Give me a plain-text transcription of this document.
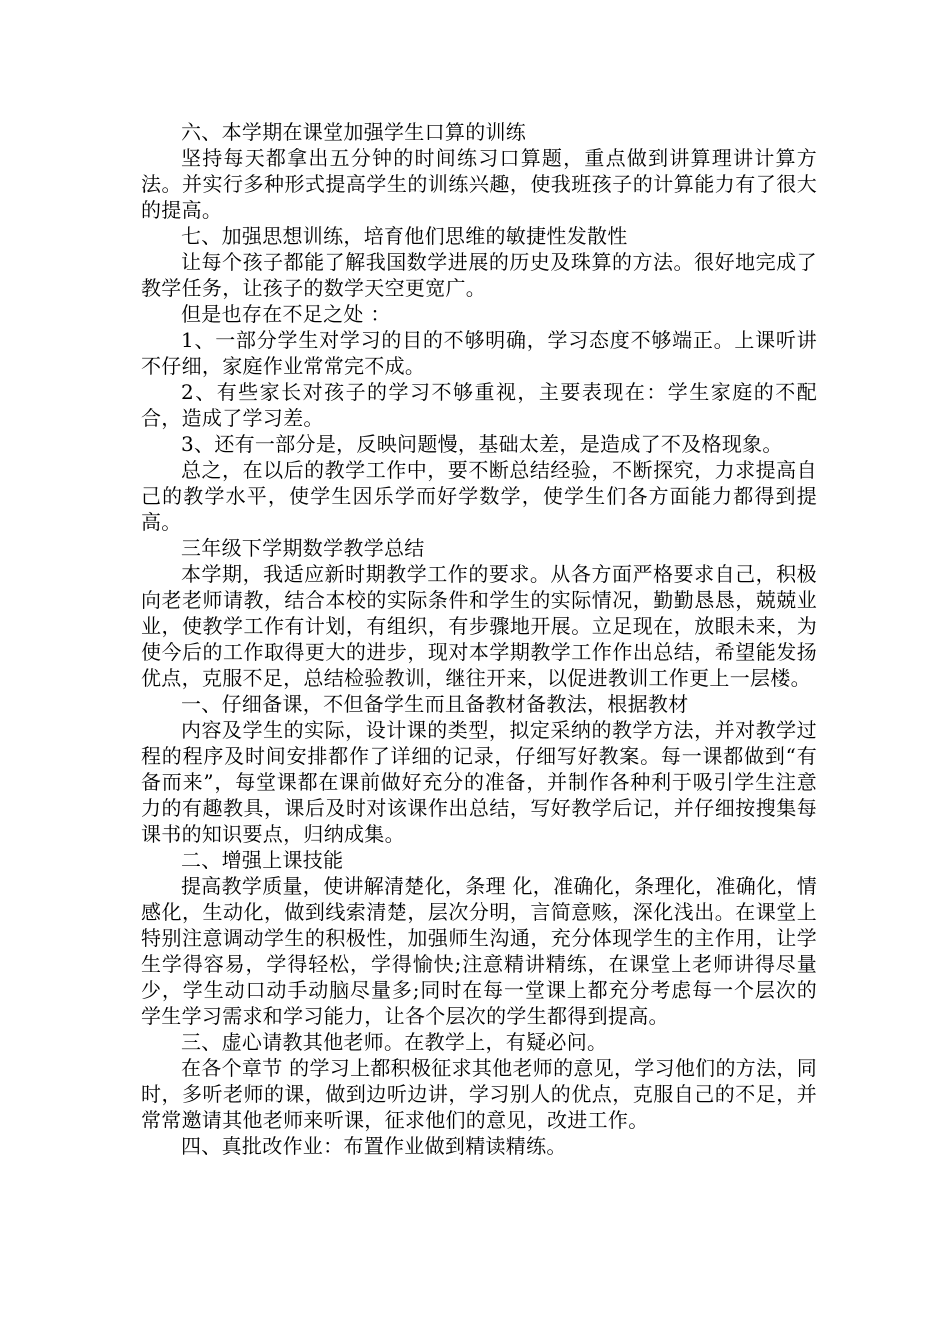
六、本学期在课堂加强学生口算的训练

坚持每天都拿出五分钟的时间练习口算题，重点做到讲算理讲计算方法。并实行多种形式提高学生的训练兴趣，使我班孩子的计算能力有了很大的提高。

七、加强思想训练，培育他们思维的敏捷性发散性

让每个孩子都能了解我国数学进展的历史及珠算的方法。很好地完成了教学任务，让孩子的数学天空更宽广。

但是也存在不足之处 ：

1、一部分学生对学习的目的不够明确，学习态度不够端正。上课听讲不仔细，家庭作业常常完不成。

2、有些家长对孩子的学习不够重视，主要表现在：学生家庭的不配合，造成了学习差。

3、还有一部分是，反映问题慢，基础太差，是造成了不及格现象。

总之，在以后的教学工作中，要不断总结经验，不断探究，力求提高自己的教学水平，使学生因乐学而好学数学，使学生们各方面能力都得到提高。

三年级下学期数学教学总结

本学期，我适应新时期教学工作的要求。从各方面严格要求自己，积极向老老师请教，结合本校的实际条件和学生的实际情况，勤勤恳恳，兢兢业业，使教学工作有计划，有组织，有步骤地开展。立足现在，放眼未来，为使今后的工作取得更大的进步，现对本学期教学工作作出总结，希望能发扬优点，克服不足，总结检验教训，继往开来，以促进教训工作更上一层楼。

一、仔细备课，不但备学生而且备教材备教法，根据教材

内容及学生的实际，设计课的类型，拟定采纳的教学方法，并对教学过程的程序及时间安排都作了详细的记录，仔细写好教案。每一课都做到“有备而来”，每堂课都在课前做好充分的准备，并制作各种利于吸引学生注意力的有趣教具，课后及时对该课作出总结，写好教学后记，并仔细按搜集每课书的知识要点，归纳成集。

二、增强上课技能

提高教学质量，使讲解清楚化，条理 化，准确化，条理化，准确化，情感化，生动化，做到线索清楚，层次分明，言简意赅，深化浅出。在课堂上特别注意调动学生的积极性，加强师生沟通，充分体现学生的主作用，让学生学得容易，学得轻松，学得愉快;注意精讲精练，在课堂上老师讲得尽量少，学生动口动手动脑尽量多;同时在每一堂课上都充分考虑每一个层次的学生学习需求和学习能力，让各个层次的学生都得到提高。

三、虚心请教其他老师。在教学上，有疑必问。

在各个章节 的学习上都积极征求其他老师的意见，学习他们的方法，同时，多听老师的课，做到边听边讲，学习别人的优点，克服自己的不足，并常常邀请其他老师来听课，征求他们的意见，改进工作。

四、真批改作业：布置作业做到精读精练。
